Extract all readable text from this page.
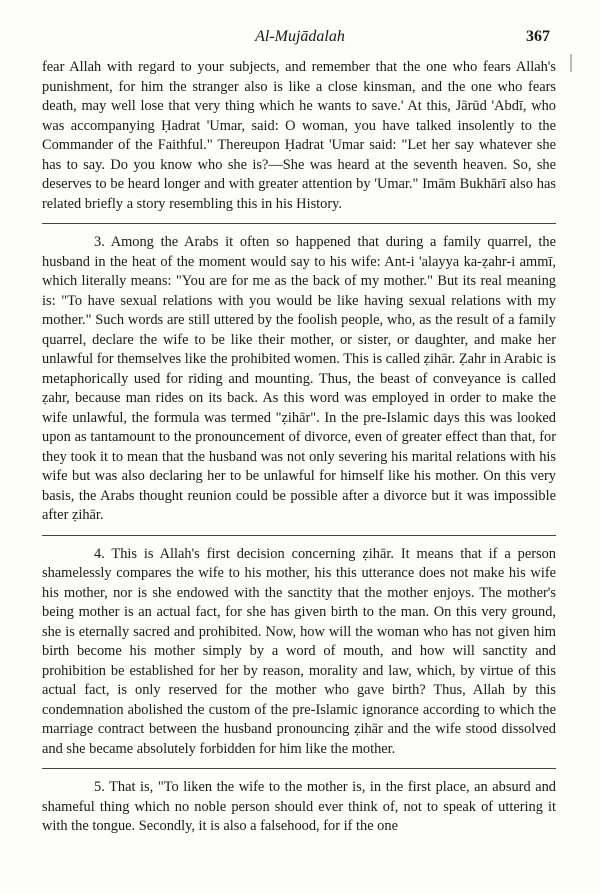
Al-Mujādalah	367

fear Allah with regard to your subjects, and remember that the one who fears Allah's punishment, for him the stranger also is like a close kinsman, and the one who fears death, may well lose that very thing which he wants to save.' At this, Jārūd 'Abdī, who was accompanying Ḥadrat 'Umar, said: O woman, you have talked insolently to the Commander of the Faithful." Thereupon Ḥadrat 'Umar said: "Let her say whatever she has to say. Do you know who she is?—She was heard at the seventh heaven. So, she deserves to be heard longer and with greater attention by 'Umar." Imām Bukhārī also has related briefly a story resembling this in his History.

3. Among the Arabs it often so happened that during a family quarrel, the husband in the heat of the moment would say to his wife: Ant-i 'alayya ka-ẓahr-i ammī, which literally means: "You are for me as the back of my mother." But its real meaning is: "To have sexual relations with you would be like having sexual relations with my mother." Such words are still uttered by the foolish people, who, as the result of a family quarrel, declare the wife to be like their mother, or sister, or daughter, and make her unlawful for themselves like the prohibited women. This is called ẓihār. Ẓahr in Arabic is metaphorically used for riding and mounting. Thus, the beast of conveyance is called ẓahr, because man rides on its back. As this word was employed in order to make the wife unlawful, the formula was termed "ẓihār". In the pre-Islamic days this was looked upon as tantamount to the pronouncement of divorce, even of greater effect than that, for they took it to mean that the husband was not only severing his marital relations with his wife but was also declaring her to be unlawful for himself like his mother. On this very basis, the Arabs thought reunion could be possible after a divorce but it was impossible after ẓihār.

4. This is Allah's first decision concerning ẓihār. It means that if a person shamelessly compares the wife to his mother, his this utterance does not make his wife his mother, nor is she endowed with the sanctity that the mother enjoys. The mother's being mother is an actual fact, for she has given birth to the man. On this very ground, she is eternally sacred and prohibited. Now, how will the woman who has not given him birth become his mother simply by a word of mouth, and how will sanctity and prohibition be established for her by reason, morality and law, which, by virtue of this actual fact, is only reserved for the mother who gave birth? Thus, Allah by this condemnation abolished the custom of the pre-Islamic ignorance according to which the marriage contract between the husband pronouncing ẓihār and the wife stood dissolved and she became absolutely forbidden for him like the mother.

5. That is, "To liken the wife to the mother is, in the first place, an absurd and shameful thing which no noble person should ever think of, not to speak of uttering it with the tongue. Secondly, it is also a falsehood, for if the one
